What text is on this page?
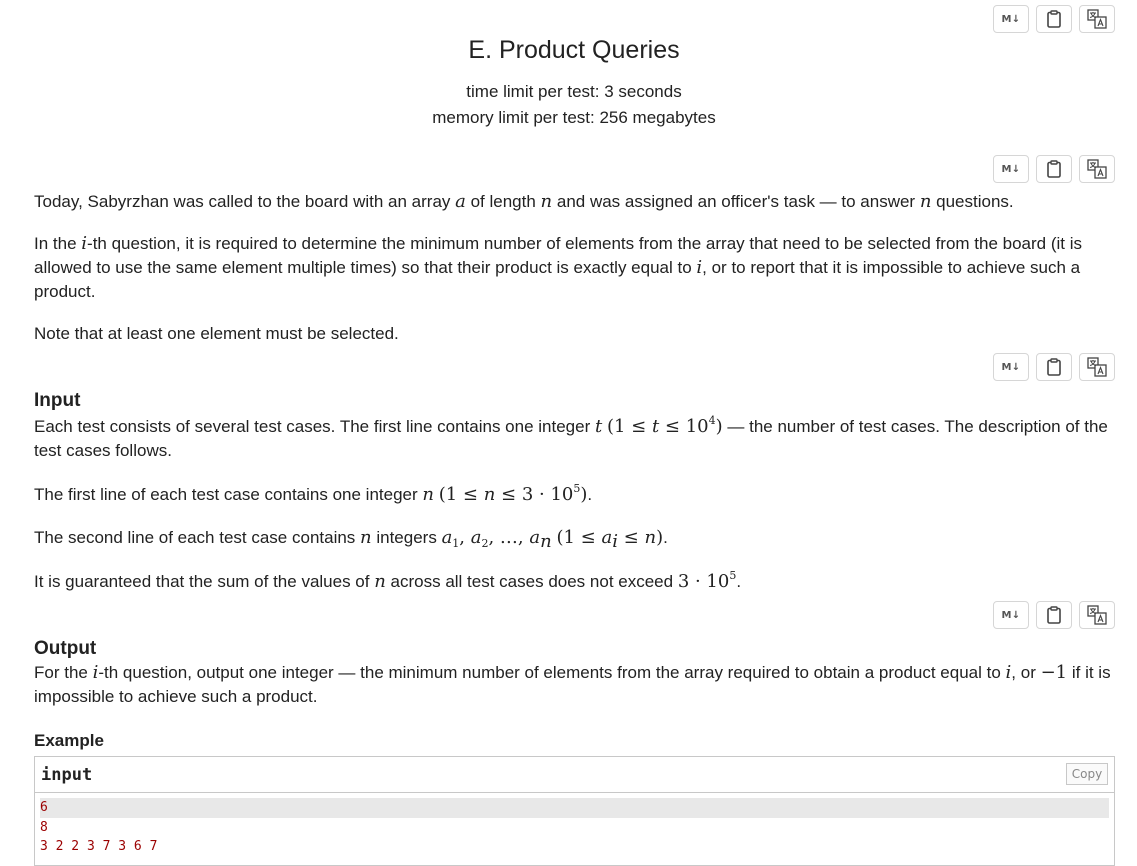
M↓
E. Product Queries
time limit per test: 3 seconds
memory limit per test: 256 megabytes
M↓

Today, Sabyrzhan was called to the board with an array a of length n and was assigned an officer's task — to answer n questions.

In the i-th question, it is required to determine the minimum number of elements from the array that need to be selected from the board (it is allowed to use the same element multiple times) so that their product is exactly equal to i, or to report that it is impossible to achieve such a product.

Note that at least one element must be selected.

M↓
Input

Each test consists of several test cases. The first line contains one integer t $(1 \le t \le 10^4)$ — the number of test cases. The description of the test cases follows.

The first line of each test case contains one integer n $(1 \le n \le 3 \cdot 10^5)$.

The second line of each test case contains n integers $a_1$, $a_2$, …, $a_n$ $(1 \le a_i \le n)$.

It is guaranteed that the sum of the values of n across all test cases does not exceed $3 \cdot 10^5$.

M↓
Output

For the i-th question, output one integer — the minimum number of elements from the array required to obtain a product equal to i, or −1 if it is impossible to achieve such a product.

Example
input	Copy
6
8
3 2 2 3 7 3 6 7
